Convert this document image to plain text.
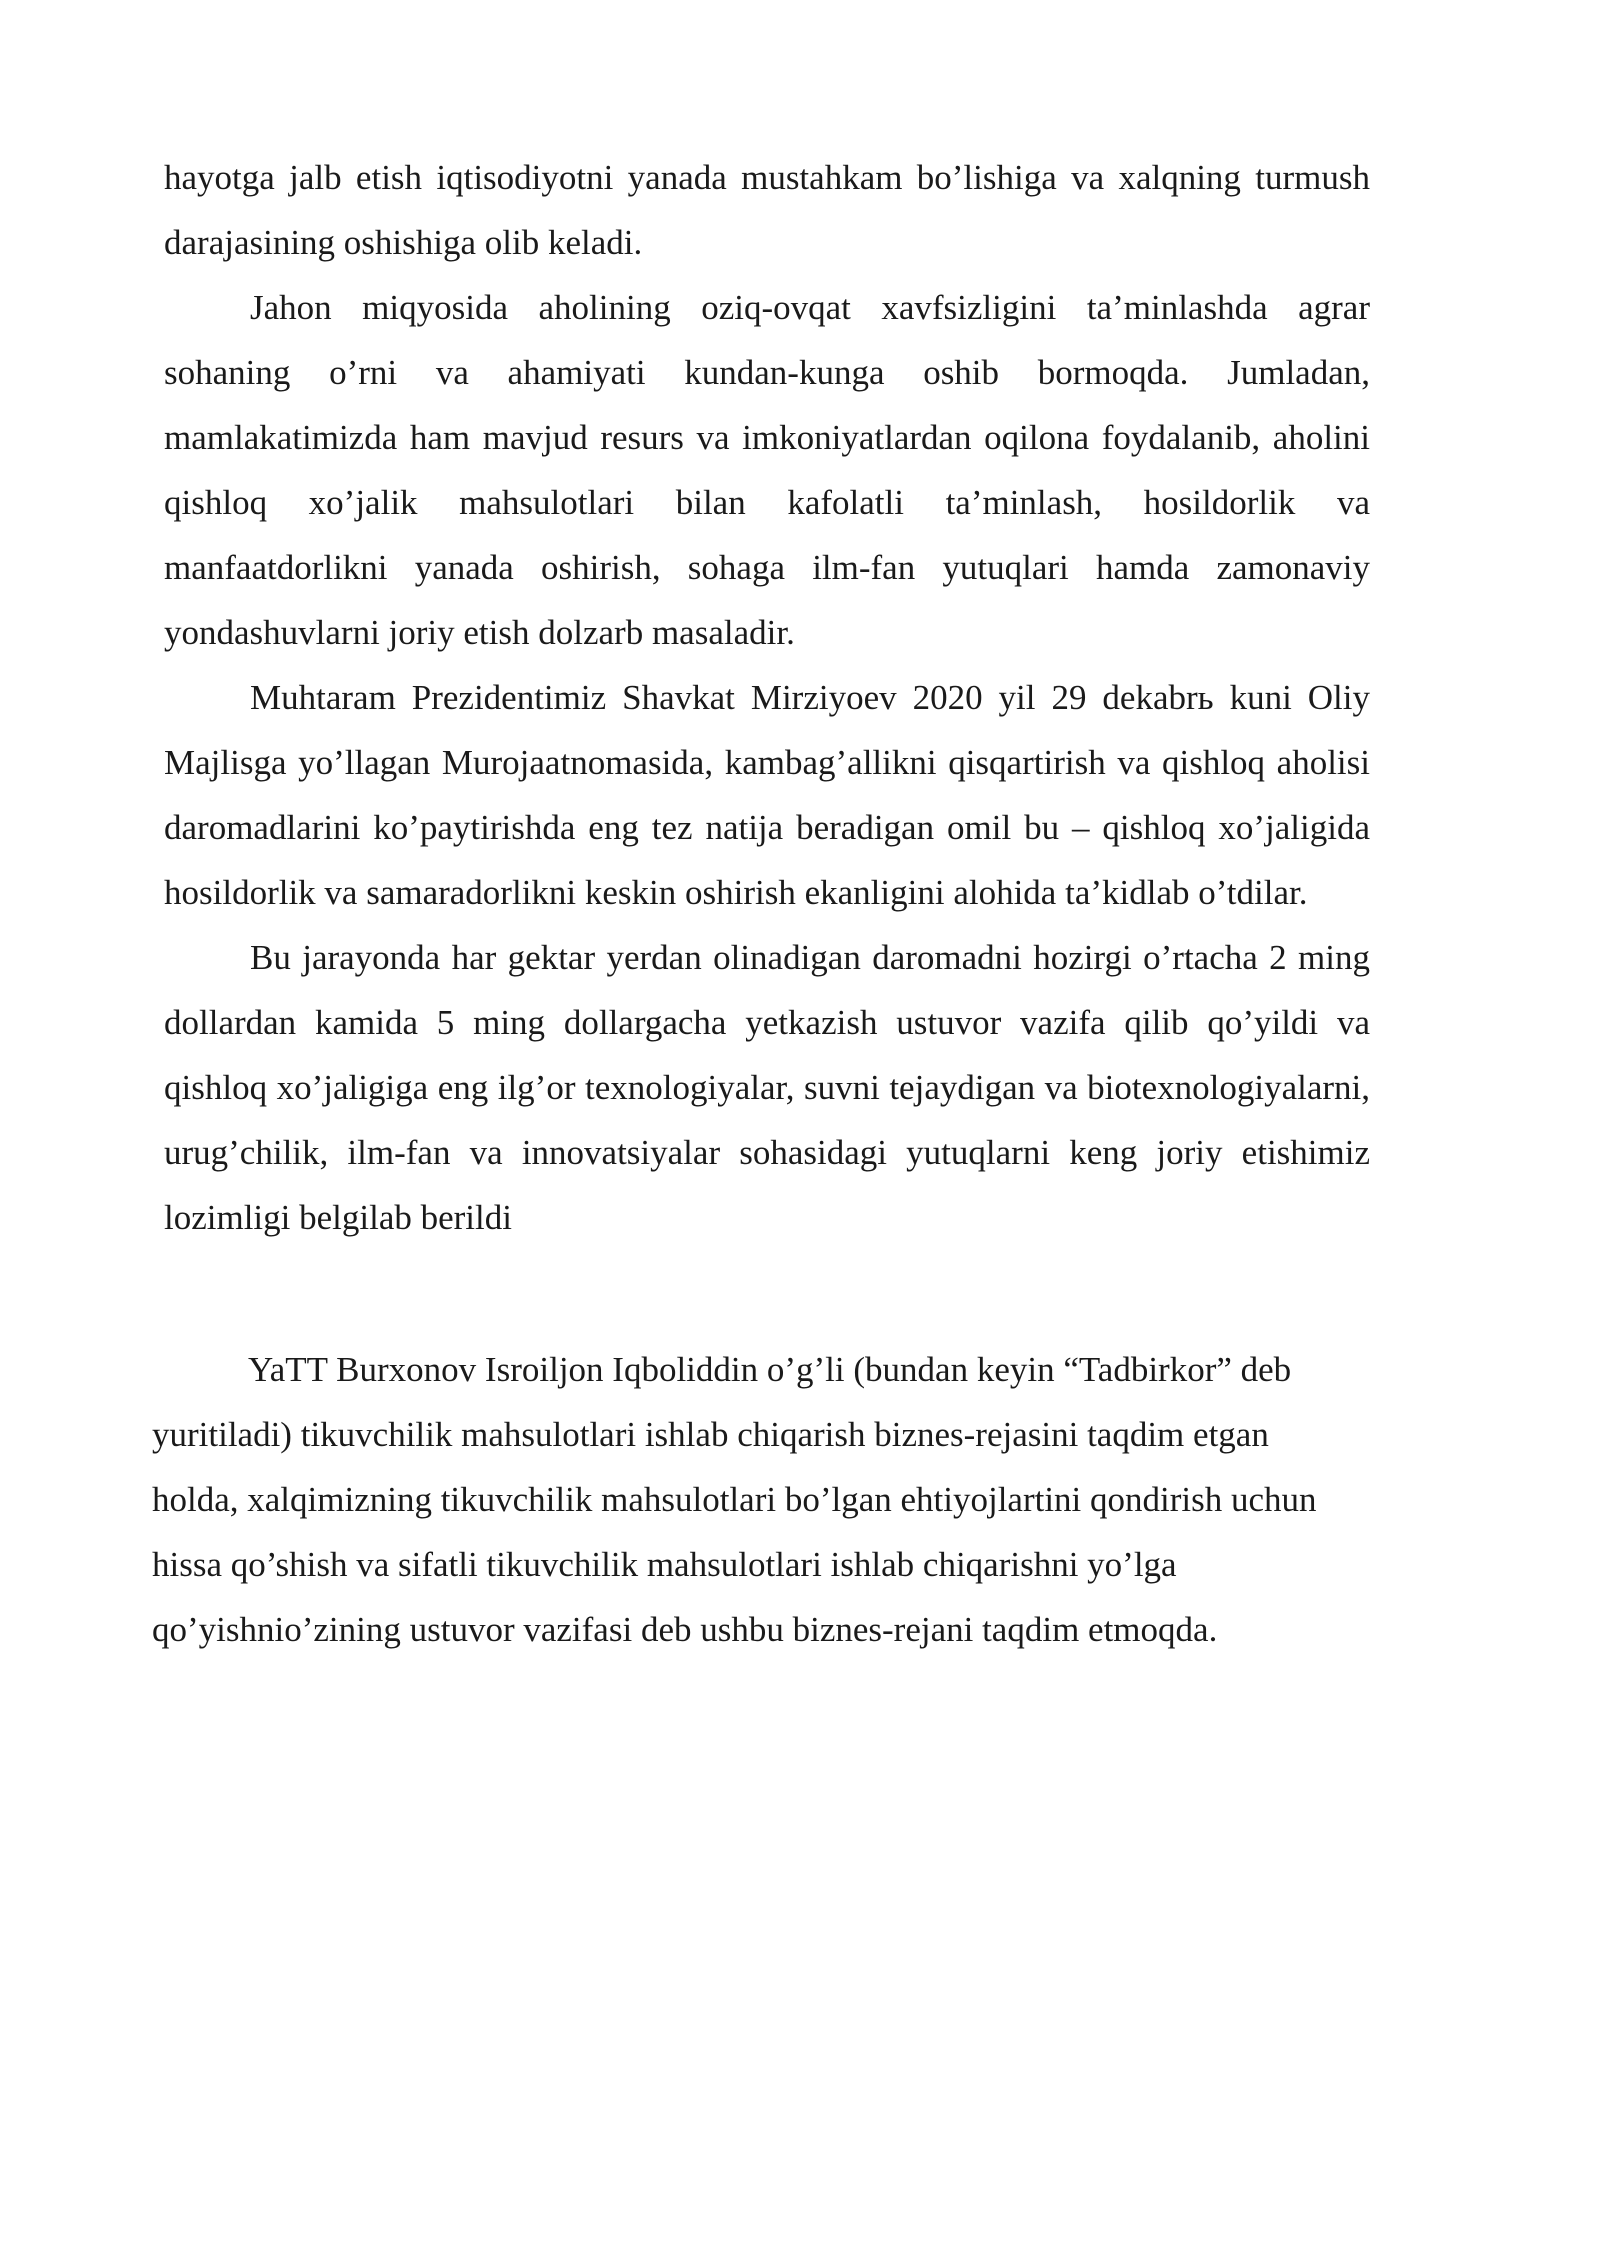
hayotga jalb etish iqtisodiyotni yanada mustahkam bo’lishiga va xalqning turmush darajasining oshishiga olib keladi.

Jahon miqyosida aholining oziq-ovqat xavfsizligini ta’minlashda agrar sohaning o’rni va ahamiyati kundan-kunga oshib bormoqda. Jumladan, mamlakatimizda ham mavjud resurs va imkoniyatlardan oqilona foydalanib, aholini qishloq xo’jalik mahsulotlari bilan kafolatli ta’minlash, hosildorlik va manfaatdorlikni yanada oshirish, sohaga ilm-fan yutuqlari hamda zamonaviy yondashuvlarni joriy etish dolzarb masaladir.

Muhtaram Prezidentimiz Shavkat Mirziyoev 2020 yil 29 dekabrь kuni Oliy Majlisga yo’llagan Murojaatnomasida, kambag’allikni qisqartirish va qishloq aholisi daromadlarini ko’paytirishda eng tez natija beradigan omil bu – qishloq xo’jaligida hosildorlik va samaradorlikni keskin oshirish ekanligini alohida ta’kidlab o’tdilar.

Bu jarayonda har gektar yerdan olinadigan daromadni hozirgi o’rtacha 2 ming dollardan kamida 5 ming dollargacha yetkazish ustuvor vazifa qilib qo’yildi va qishloq xo’jaligiga eng ilg’or texnologiyalar, suvni tejaydigan va biotexnologiyalarni, urug’chilik, ilm-fan va innovatsiyalar sohasidagi yutuqlarni keng joriy etishimiz lozimligi belgilab berildi

YaTT Burxonov Isroiljon Iqboliddin o’g’li (bundan keyin “Tadbirkor” deb yuritiladi) tikuvchilik mahsulotlari ishlab chiqarish biznes-rejasini taqdim etgan holda, xalqimizning tikuvchilik mahsulotlari bo’lgan ehtiyojlartini qondirish uchun hissa qo’shish va sifatli tikuvchilik mahsulotlari ishlab chiqarishni yo’lga qo’yishnio’zining ustuvor vazifasi deb ushbu biznes-rejani taqdim etmoqda.
